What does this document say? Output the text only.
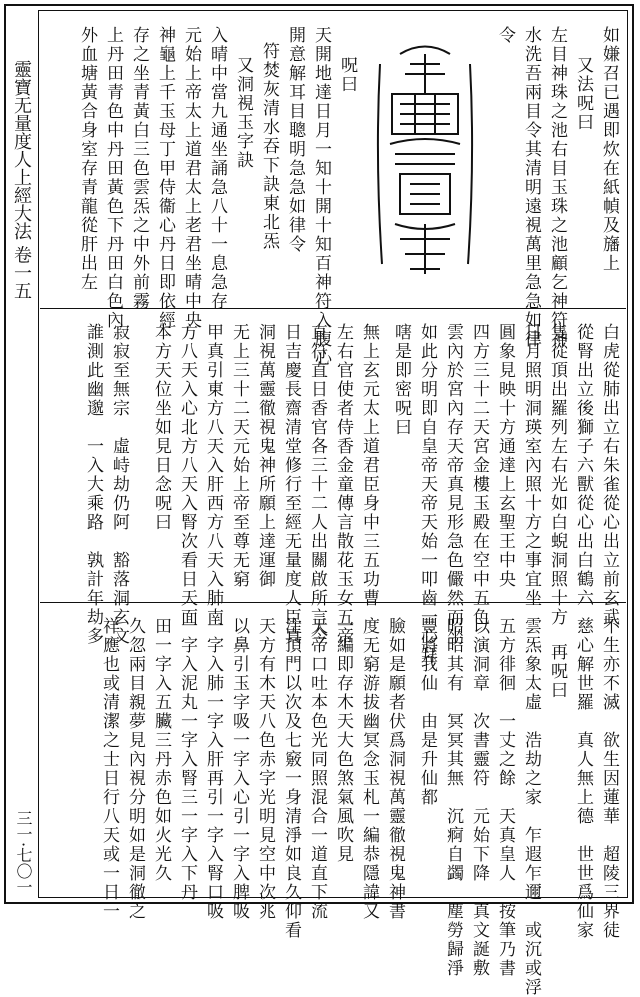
靈寶无量度人上經大法 卷一五
三一·七〇一
如嫌召已遇即炊在紙幀及旛上
又法呪曰
左目神珠之池右目玉珠之池顧乞神符神
水洗吾兩目令其清明遠視萬里急急如律
令
呪曰
天開地達日月一知十開十知百神符入腹心
開意解耳目聰明急急如律令
符焚灰清水吞下訣東北炁
又洞視玉字訣
入晴中當九通坐誦急八十一息急存
元始上帝太上道君太上老君坐晴中央
神龜上千玉母丁甲侍衞心丹日即依經
存之坐青黃白三色雲炁之中外前霧
上丹田青色中丹田黃色下丹田白色內
外血塘黃合身室存青龍從肝出左
白虎從肺出立右朱雀從心出立前玄武
從腎出立後獅子六獸從心出白鶴六
隻從頂出羅列左右光如白蜺洞照十方
日月照明洞瑛室內照十方之事宜坐
圓象見映十方通達上玄聖王中央
四方三十二天宮金樓玉殿在空中五色
雲內於宮內存天帝真見形急色儼然而坐
如此分明即自皇帝天帝天始一叩齒一心拜
嗐是即密呪曰
無上玄元太上道君臣身中三五功曹
左右官使者侍香金童傳言散花玉女五帝
直符直日香官各三十二人出關啟所言今
日吉慶長齋清堂修行至經无量度人臣真
洞視萬靈徹視鬼神所願上達運御
无上三十二天元始上帝至尊无窮
甲真引東方八天入肝西方八天入肺南
方八天入心北方八天入腎次看日天面
本方天位坐如見日念呪曰
寂寂至無宗　虛峙劫仍阿　豁落洞玄文
誰測此幽邈　一入大乘路　孰計年劫多
不生亦不滅　欲生因蓮華　超陵三界徒
慈心解世羅　真人無上德　世世爲仙家
再呪曰
雲炁象太虛　浩劫之家　乍遐乍邇　或沉或浮
五方徘徊　一丈之餘　天真皇人　按筆乃書
以演洞章　次書靈符　元始下降　真文誕敷
昭昭其有　冥冥其無　沉痾自蠲　塵勞歸淨
豐將我仙　由是升仙都
臉如是願者伏爲洞視萬靈徹視鬼神書
度无窮游拔幽冥念玉札一編恭隱諱又
一編即存木天大色煞氣風吹見
天帝口吐本色光同照混合一道直下流
注頂門以次及七竅一身清淨如良久仰看
天方有木天八色赤字光明見空中次兆
以鼻引玉字吸一字入心引一字入脾吸
一字入肺一字入肝再引一字入腎口吸
一字入泥丸一字入腎三一字入下丹
田一字入五臟三丹赤色如火光久
久忽兩目親夢見內視分明如是洞徹之
祥應也或清潔之士日行八天或一日一
